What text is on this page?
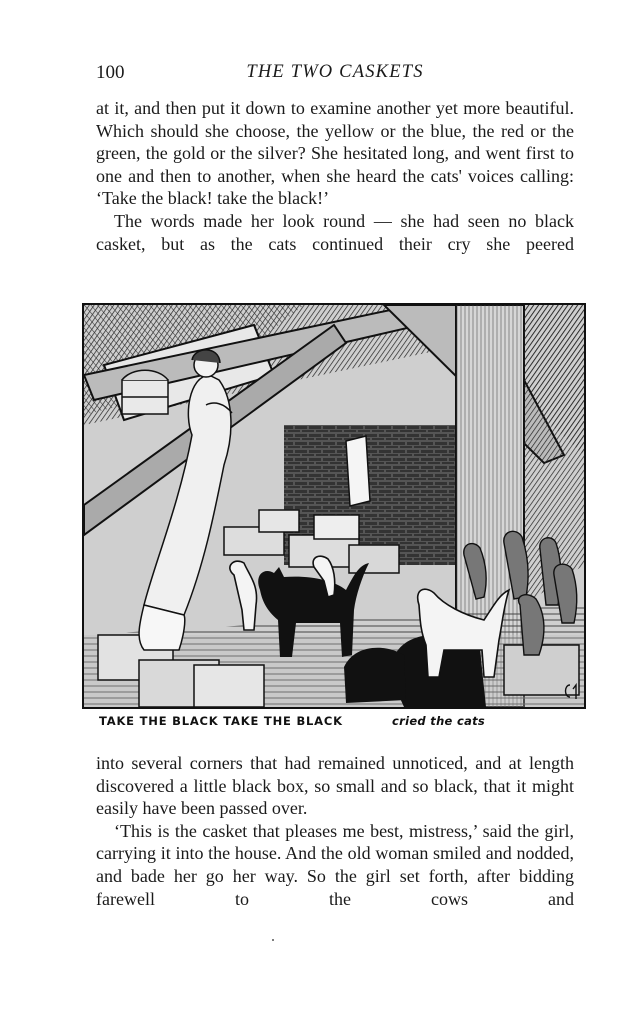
100	THE TWO CASKETS

at it, and then put it down to examine another yet more beautiful. Which should she choose, the yellow or the blue, the red or the green, the gold or the silver? She hesitated long, and went first to one and then to another, when she heard the cats' voices calling: ‘Take the black! take the black!’

The words made her look round — she had seen no black casket, but as the cats continued their cry she peered

TAKE THE BLACK TAKE THE BLACK	cried the cats

into several corners that had remained unnoticed, and at length discovered a little black box, so small and so black, that it might easily have been passed over.

‘This is the casket that pleases me best, mistress,’ said the girl, carrying it into the house. And the old woman smiled and nodded, and bade her go her way. So the girl set forth, after bidding farewell to the cows and
